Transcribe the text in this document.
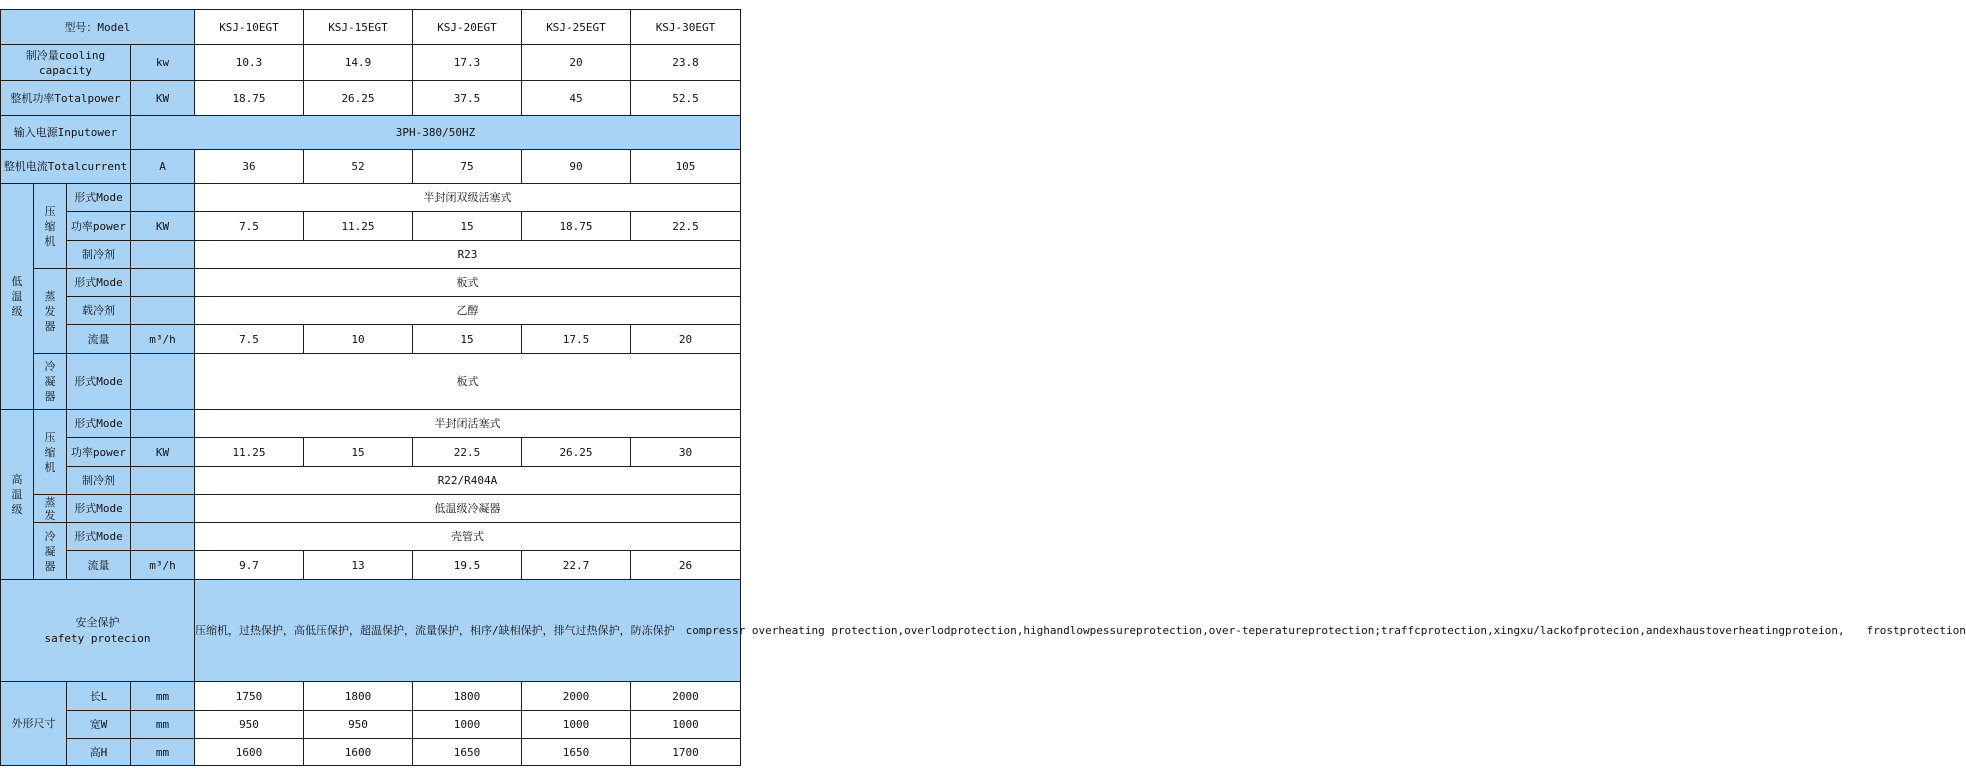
型号：Model				KSJ-10EGT	KSJ-15EGT	KSJ-20EGT	KSJ-25EGT	KSJ-30EGT
制冷量cooling
capacity			kw	10.3	14.9	17.3	20	23.8
整机功率Totalpower			KW	18.75	26.25	37.5	45	52.5
输入电源Inputower			3PH-380/50HZ					
整机电流Totalcurrent			A	36	52	75	90	105
低
温
级	压
缩
机	形式Mode		半封闭双级活塞式				
		功率power	KW	7.5	11.25	15	18.75	22.5
		制冷剂		R23				
	蒸
发
器	形式Mode		板式				
		载冷剂		乙醇				
		流量	m³/h	7.5	10	15	17.5	20
	冷
凝
器	形式Mode		板式				

高
温
级	压
缩
机	形式Mode		半封闭活塞式				
		功率power	KW	11.25	15	22.5	26.25	30
		制冷剂		R22/R404A				
	蒸
发	形式Mode		低温级冷凝器				
	冷
凝
器	形式Mode		壳管式				
		流量	m³/h	9.7	13	19.5	22.7	26
安全保护
safety protecion				压缩机，过热保护，高低压保护，超温保护，流量保护，相序/缺相保护，排气过热保护，防冻保护　compressr overheating protection,overlodprotection,highandlowpessureprotection,over-teperatureprotection;traffcprotection,xingxu/lackofprotecion,andexhaustoverheatingproteion,　　frostprotection				
外形尺寸		长L	mm	1750	1800	1800	2000	2000
		宽W	mm	950	950	1000	1000	1000
		高H	mm	1600	1600	1650	1650	1700
